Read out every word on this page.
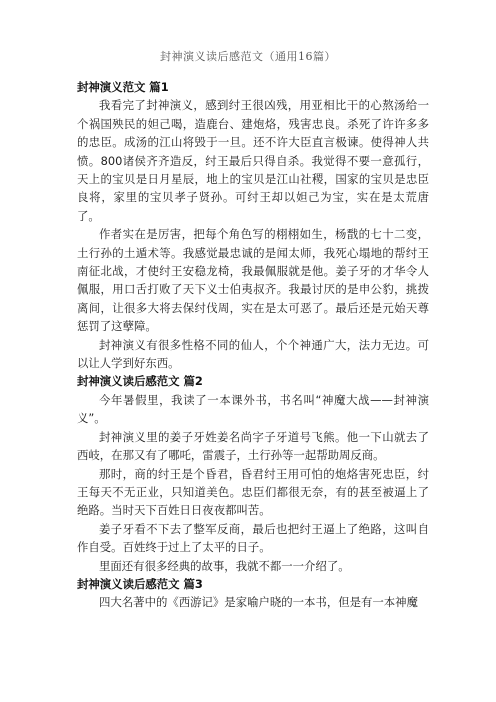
封神演义读后感范文（通用16篇）
封神演义范文 篇1

我看完了封神演义，感到纣王很凶残，用亚相比干的心熬汤给一个祸国殃民的妲己喝，造鹿台、建炮烙，残害忠良。杀死了许许多多的忠臣。成汤的江山将毁于一旦。还不许大臣直言极谏。使得神人共愤。800诸侯齐齐造反，纣王最后只得自杀。我觉得不要一意孤行，天上的宝贝是日月星辰，地上的宝贝是江山社稷，国家的宝贝是忠臣良将，家里的宝贝孝子贤孙。可纣王却以妲己为宝，实在是太荒唐了。

作者实在是厉害，把每个角色写的栩栩如生，杨戬的七十二变，土行孙的土遁术等。我感觉最忠诚的是闻太师，我死心塌地的帮纣王南征北战，才使纣王安稳龙椅，我最佩服就是他。姜子牙的才华令人佩服，用口舌打败了天下义士伯夷叔齐。我最讨厌的是申公豹，挑拨离间，让很多大将去保纣伐周，实在是太可恶了。最后还是元始天尊惩罚了这孽障。

封神演义有很多性格不同的仙人，个个神通广大，法力无边。可以让人学到好东西。

封神演义读后感范文 篇2

今年暑假里，我读了一本课外书，书名叫“神魔大战——封神演义”。

封神演义里的姜子牙姓姜名尚字子牙道号飞熊。他一下山就去了西岐，在那又有了哪吒，雷震子，土行孙等一起帮助周反商。

那时，商的纣王是个昏君，昏君纣王用可怕的炮烙害死忠臣，纣王每天不无正业，只知道美色。忠臣们都很无奈，有的甚至被逼上了绝路。当时天下百姓日日夜夜都叫苦。

姜子牙看不下去了整军反商，最后也把纣王逼上了绝路，这叫自作自受。百姓终于过上了太平的日子。

里面还有很多经典的故事，我就不都一一介绍了。

封神演义读后感范文 篇3

四大名著中的《西游记》是家喻户晓的一本书，但是有一本神魔
